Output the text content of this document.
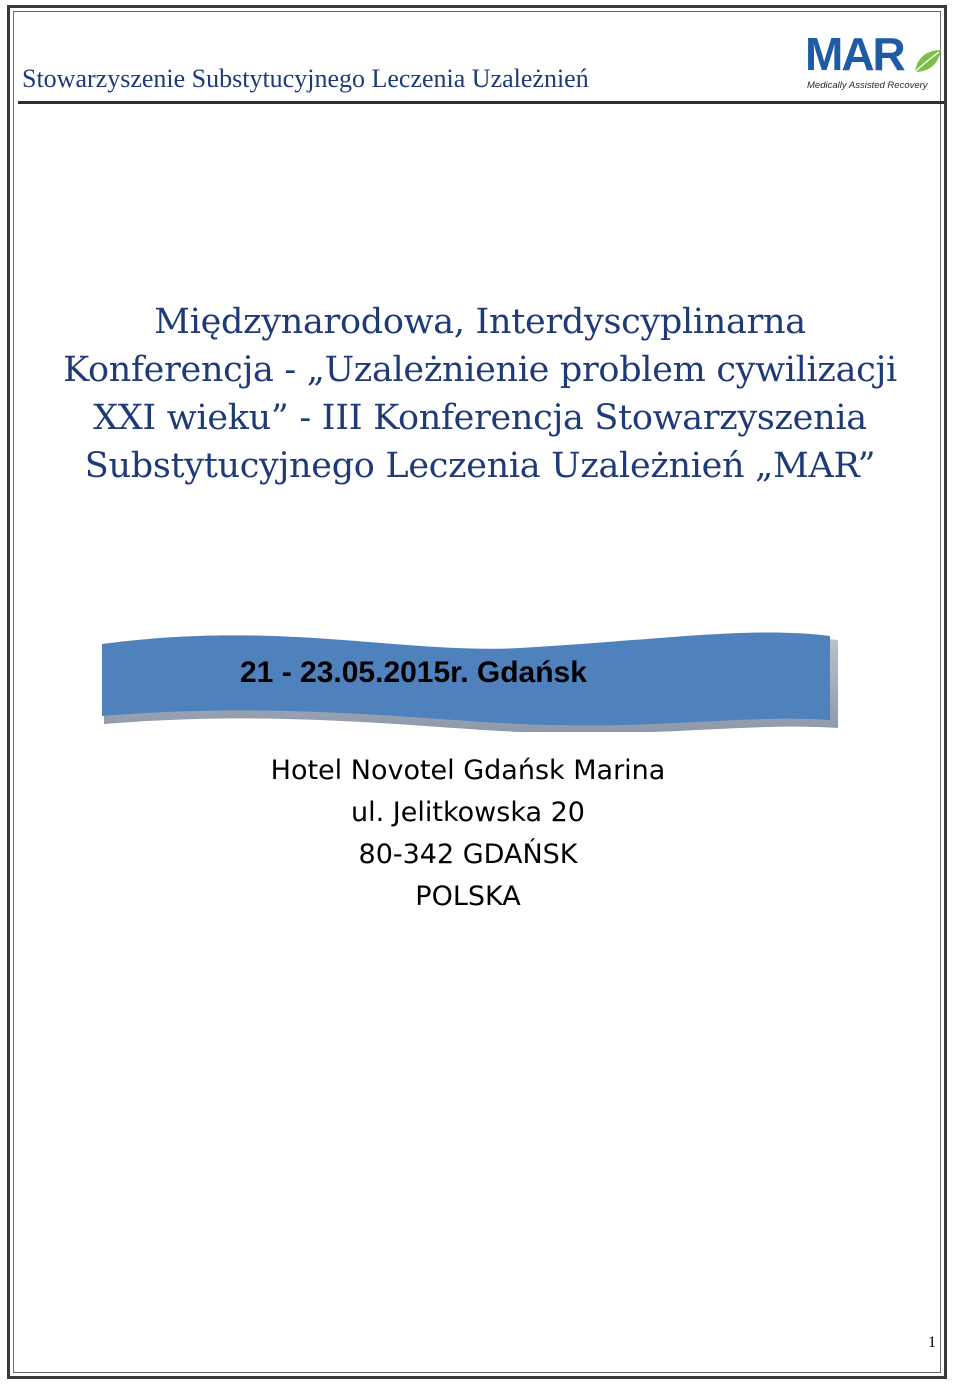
Stowarzyszenie Substytucyjnego Leczenia Uzależnień	MAR
Medically Assisted Recovery
Międzynarodowa, Interdyscyplinarna
Konferencja - „Uzależnienie problem cywilizacji
XXI wieku” - III Konferencja Stowarzyszenia
Substytucyjnego Leczenia Uzależnień „MAR”
21 - 23.05.2015r. Gdańsk
Hotel Novotel Gdańsk Marina
ul. Jelitkowska 20
80-342 GDAŃSK
POLSKA
1
